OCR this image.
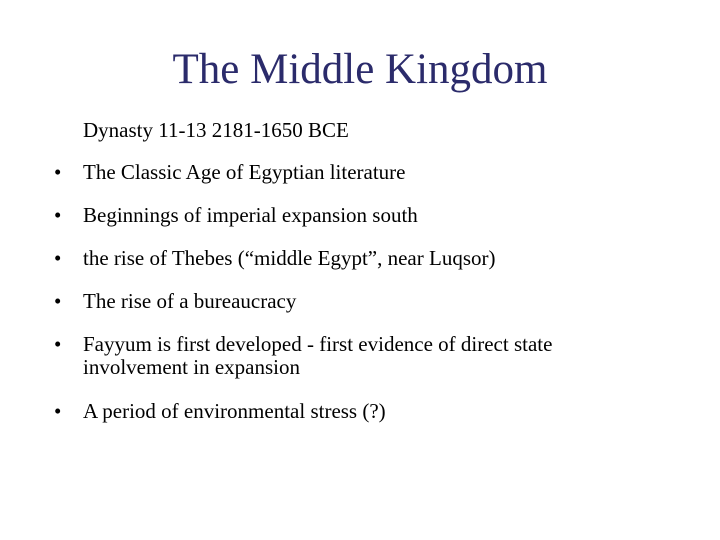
The Middle Kingdom
Dynasty 11-13 2181-1650 BCE
•	The Classic Age of Egyptian literature
•	Beginnings of imperial expansion south
•	the rise of Thebes (“middle Egypt”, near Luqsor)
•	The rise of a bureaucracy
•	Fayyum is first developed - first evidence of direct state involvement in expansion
•	A period of environmental stress (?)
